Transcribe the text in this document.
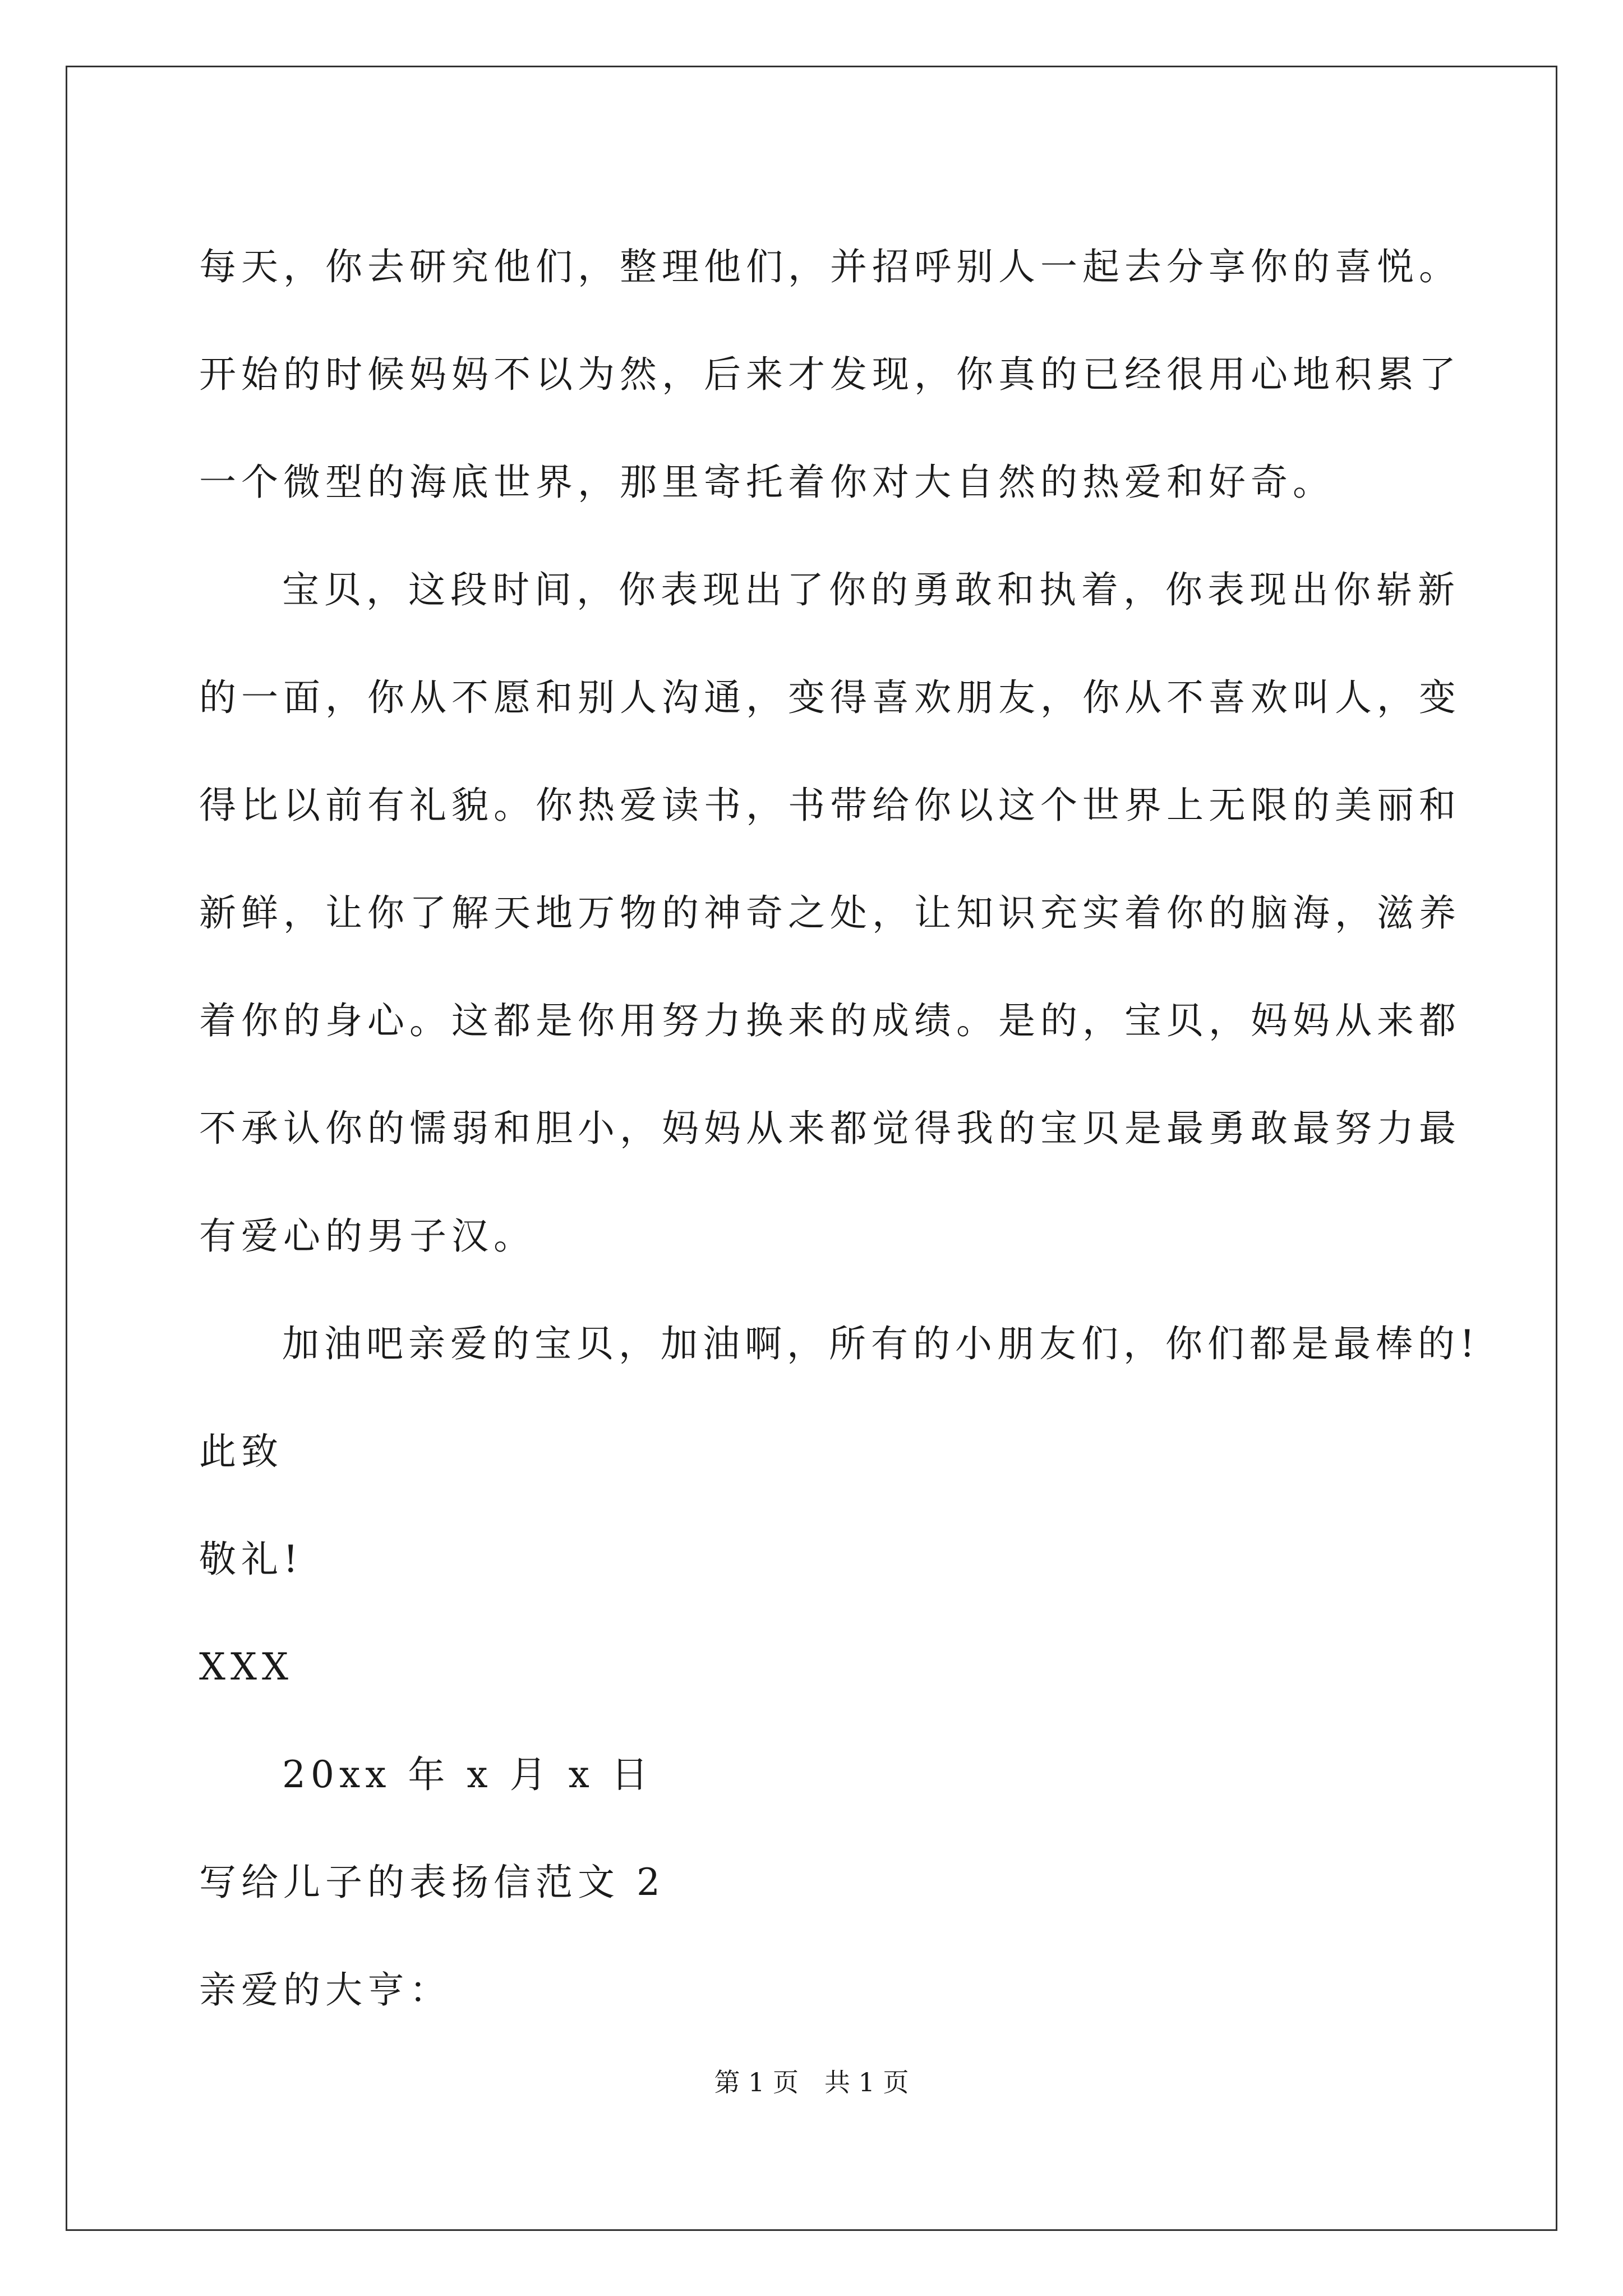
每天，你去研究他们，整理他们，并招呼别人一起去分享你的喜悦。
开始的时候妈妈不以为然，后来才发现，你真的已经很用心地积累了
一个微型的海底世界，那里寄托着你对大自然的热爱和好奇。
宝贝，这段时间，你表现出了你的勇敢和执着，你表现出你崭新
的一面，你从不愿和别人沟通，变得喜欢朋友，你从不喜欢叫人，变
得比以前有礼貌。你热爱读书，书带给你以这个世界上无限的美丽和
新鲜，让你了解天地万物的神奇之处，让知识充实着你的脑海，滋养
着你的身心。这都是你用努力换来的成绩。是的，宝贝，妈妈从来都
不承认你的懦弱和胆小，妈妈从来都觉得我的宝贝是最勇敢最努力最
有爱心的男子汉。
加油吧亲爱的宝贝，加油啊，所有的小朋友们，你们都是最棒的!
此致
敬礼!
XXX
20xx 年 x 月 x 日
写给儿子的表扬信范文 2
亲爱的大亨：
第 1 页　共 1 页
